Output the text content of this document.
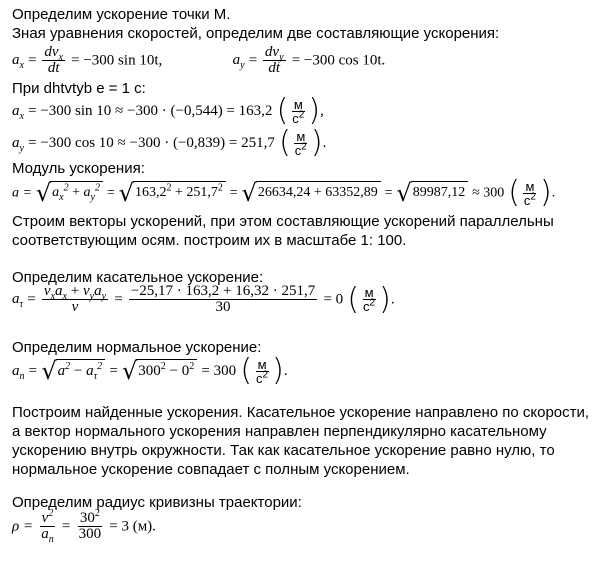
Определим ускорение точки М.
Зная уравнения скоростей, определим две составляющие ускорения:
$a_x = \frac{dv_x}{dt} = -300$ sin 10t,	$a_y = \frac{dv_y}{dt} = -300$ cos 10t.
При dhtvtyb e = 1 c:
$a_x = -300$ sin 10 ≈ −300 · (−0,544) = 163,2 ( $\frac{м}{с^2}$ ) ,
$a_y = -300$ cos 10 ≈ −300 · (−0,839) = 251,7 ( $\frac{м}{с^2}$ ) .
Модуль ускорения:
a = √ $a_x^2 + a_y^2$ = √ $163,2^2 + 251,7^2$ = √ 26634,24 + 63352,89 = √ 89987,12 ≈ 300 ( $\frac{м}{с^2}$ ) .
Строим векторы ускорений, при этом составляющие ускорений параллельны
соответствующим осям. построим их в масштабе 1: 100.
Определим касательное ускорение:
$a_\tau = \frac{v_xa_x + v_ya_y}{v} = \frac{-25,17 \cdot 163,2 + 16,32 \cdot 251,7}{30} = 0$ ( $\frac{м}{с^2}$ ) .
Определим нормальное ускорение:
$a_n$ = √ $a^2 - a_\tau^2$ = √ $300^2 - 0^2 = 300$ ( $\frac{м}{с^2}$ ) .
Построим найденные ускорения. Касательное ускорение направлено по скорости,
а вектор нормального ускорения направлен перпендикулярно касательному
ускорению внутрь окружности. Так как касательное ускорение равно нулю, то
нормальное ускорение совпадает с полным ускорением.
Определим радиус кривизны траектории:
$\rho = \frac{v^2}{a_n} = \frac{30^2}{300} = 3$ (м).
